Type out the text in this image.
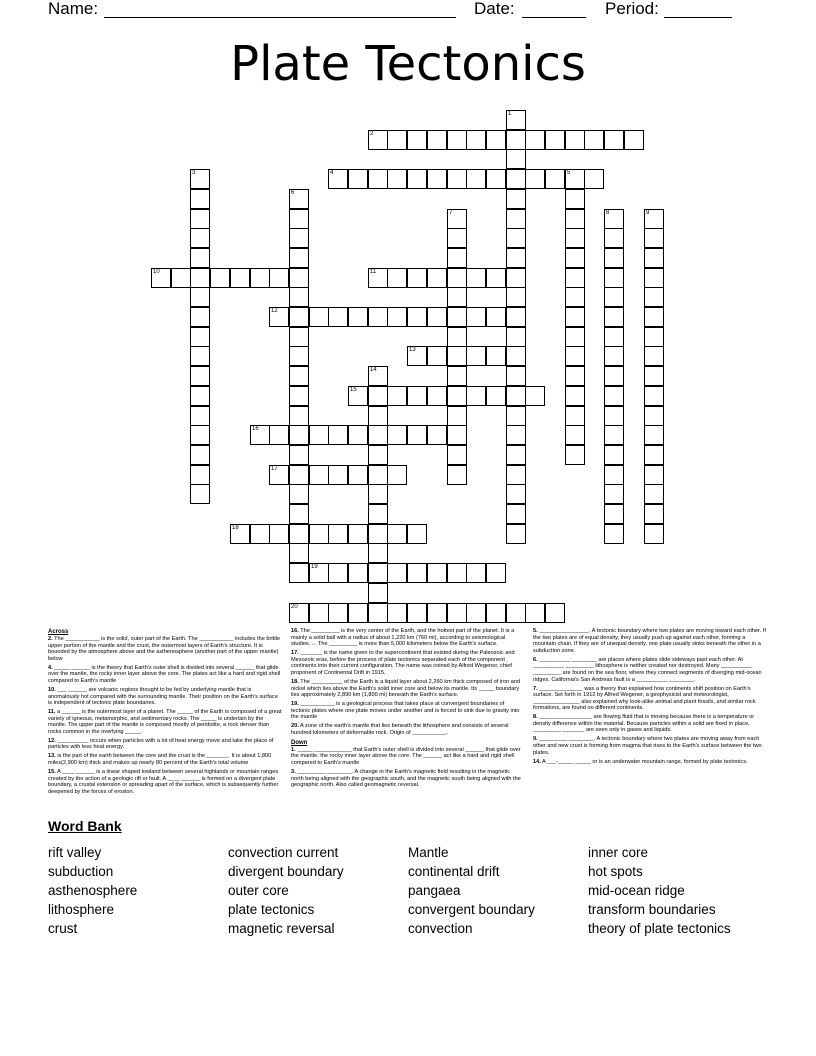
Name:	Date:	Period:
Plate Tectonics
1
2
3	4	5
6
7	8	9
10	11
12
13
14
15
16
17
18
19
20
Across
2. The ___________ is the solid, outer part of the Earth. The ___________ includes the brittle upper portion of the mantle and the crust, the outermost layers of Earth's structure. It is bounded by the atmosphere above and the asthenosphere (another part of the upper mantle) below
4. _____ ______ is the theory that Earth's outer shell is divided into several ______ that glide over the mantle, the rocky inner layer above the core. The plates act like a hard and rigid shell compared to Earth's mantle
10. ___ ______ are volcanic regions thought to be fed by underlying mantle that is anomalously hot compared with the surrounding mantle. Their position on the Earth's surface is independent of tectonic plate boundaries.
11. a ______ is the outermost layer of a planet. The _____ of the Earth is composed of a great variety of igneous, metamorphic, and sedimentary rocks. The _____ is underlain by the mantle. The upper part of the mantle is composed mostly of peridotite, a rock denser than rocks common in the overlying _____.
12. __________ occurs when particles with a lot of heat energy move and take the place of particles with less heat energy.
13. is the part of the earth between the core and the crust is the _______. It is about 1,800 miles(2,900 km) thick and makes up nearly 80 percent of the Earth's total volume
15. A ____ ______ is a linear shaped lowland between several highlands or mountain ranges created by the action of a geologic rift or fault. A ____ ______ is formed on a divergent plate boundary, a crustal extension or spreading apart of the surface, which is subsequently further deepened by the forces of erosion.
16. The _________ is the very center of the Earth, and the hottest part of the planet. It is a mainly a solid ball with a radius of about 1,220 km (760 mi), according to seismological studies. ... The _________ is more than 5,000 kilometers below the Earth's surface.
17. _______ is the name given to the supercontinent that existed during the Paleozoic and Mesozoic eras, before the process of plate tectonics separated each of the component continents into their current configuration. The name was coined by Alfred Wegener, chief proponent of Continental Drift in 1915.
18. The __________ of the Earth is a liquid layer about 2,260 km thick composed of iron and nickel which lies above the Earth's solid inner core and below its mantle. Its _____ boundary lies approximately 2,890 km (1,800 mi) beneath the Earth's surface.
19. ___________ is a geological process that takes place at convergent boundaries of tectonic plates where one plate moves under another and is forced to sink due to gravity into the mantle
20. A zone of the earth's mantle that lies beneath the lithosphere and consists of several hundred kilometers of deformable rock. Origin of ___________.
Down
1. _____ ____________ that Earth's outer shell is divided into several ______ that glide over the mantle, the rocky inner layer above the core. The ______ act like a hard and rigid shell compared to Earth's mantle
3. _________ ________. A change in the Earth's magnetic field resulting in the magnetic north being aligned with the geographic south, and the magnetic south being aligned with the geographic north. Also called geomagnetic reversal.
5. ________________. A tectonic boundary where two plates are moving toward each other. If the two plates are of equal density, they usually push up against each other, forming a mountain chain. If they are of unequal density, one plate usually sinks beneath the other in a subduction zone.
6. __________ ________ are places where plates slide sideways past each other. At __________ _________ lithosphere is neither created nor destroyed. Many __________ _________ are found on the sea floor, where they connect segments of diverging mid-ocean ridges. California's San Andreas fault is a __________ ________.
7. ______________ was a theory that explained how continents shift position on Earth's surface. Set forth in 1912 by Alfred Wegener, a geophysicist and meteorologist, _______________ also explained why look-alike animal and plant fossils, and similar rock formations, are found on different continents.
8. _________________ are flowing fluid that is moving because there is a temperature or density difference within the material. Because particles within a solid are fixed in place, _________ _______ are seen only in gases and liquids.
9. _________ ________. A tectonic boundary where two plates are moving away from each other and new crust is forming from magma that rises to the Earth's surface between the two plates.
14. A ___-_____ _____ or is an underwater mountain range, formed by plate tectonics.
Word Bank
rift valley
subduction
asthenosphere
lithosphere
crust
convection current
divergent boundary
outer core
plate tectonics
magnetic reversal
Mantle
continental drift
pangaea
convergent boundary
convection
inner core
hot spots
mid-ocean ridge
transform boundaries
theory of plate tectonics
